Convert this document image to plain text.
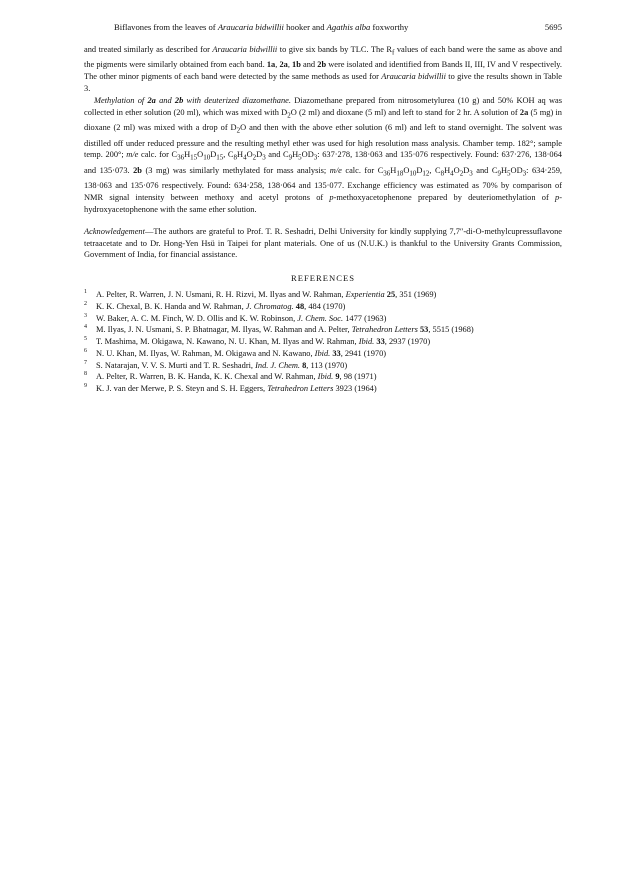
Biflavones from the leaves of Araucaria bidwillii hooker and Agathis alba foxworthy	5695

and treated similarly as described for Araucaria bidwillii to give six bands by TLC. The $R_f$ values of each band were the same as above and the pigments were similarly obtained from each band. 1a, 2a, 1b and 2b were isolated and identified from Bands II, III, IV and V respectively. The other minor pigments of each band were detected by the same methods as used for Araucaria bidwillii to give the results shown in Table 3.

Methylation of 2a and 2b with deuterized diazomethane. Diazomethane prepared from nitrosometylurea (10 g) and 50% KOH aq was collected in ether solution (20 ml), which was mixed with $D_2O$ (2 ml) and dioxane (5 ml) and left to stand for 2 hr. A solution of 2a (5 mg) in dioxane (2 ml) was mixed with a drop of $D_2O$ and then with the above ether solution (6 ml) and left to stand overnight. The solvent was distilled off under reduced pressure and the resulting methyl ether was used for high resolution mass analysis. Chamber temp. 182°; sample temp. 200°; m/e calc. for $C_{36}H_{15}O_{10}D_{15}$, $C_8H_4O_2D_3$ and $C_9H_5OD_3$: 637·278, 138·063 and 135·076 respectively. Found: 637·276, 138·064 and 135·073. 2b (3 mg) was similarly methylated for mass analysis; m/e calc. for $C_{36}H_{18}O_{10}D_{12}$, $C_8H_4O_2D_3$ and $C_9H_5OD_3$: 634·259, 138·063 and 135·076 respectively. Found: 634·258, 138·064 and 135·077. Exchange efficiency was estimated as 70% by comparison of NMR signal intensity between methoxy and acetyl protons of p-methoxyacetophenone prepared by deuteriomethylation of p-hydroxyacetophenone with the same ether solution.

Acknowledgement—The authors are grateful to Prof. T. R. Seshadri, Delhi University for kindly supplying 7,7″-di-O-methylcupressuflavone tetraacetate and to Dr. Hong-Yen Hsü in Taipei for plant materials. One of us (N.U.K.) is thankful to the University Grants Commission, Government of India, for financial assistance.

REFERENCES

1 A. Pelter, R. Warren, J. N. Usmani, R. H. Rizvi, M. Ilyas and W. Rahman, Experientia 25, 351 (1969)

2 K. K. Chexal, B. K. Handa and W. Rahman, J. Chromatog. 48, 484 (1970)

3 W. Baker, A. C. M. Finch, W. D. Ollis and K. W. Robinson, J. Chem. Soc. 1477 (1963)

4 M. Ilyas, J. N. Usmani, S. P. Bhatnagar, M. Ilyas, W. Rahman and A. Pelter, Tetrahedron Letters 53, 5515 (1968)

5 T. Mashima, M. Okigawa, N. Kawano, N. U. Khan, M. Ilyas and W. Rahman, Ibid. 33, 2937 (1970)

6 N. U. Khan, M. Ilyas, W. Rahman, M. Okigawa and N. Kawano, Ibid. 33, 2941 (1970)

7 S. Natarajan, V. V. S. Murti and T. R. Seshadri, Ind. J. Chem. 8, 113 (1970)

8 A. Pelter, R. Warren, B. K. Handa, K. K. Chexal and W. Rahman, Ibid. 9, 98 (1971)

9 K. J. van der Merwe, P. S. Steyn and S. H. Eggers, Tetrahedron Letters 3923 (1964)
